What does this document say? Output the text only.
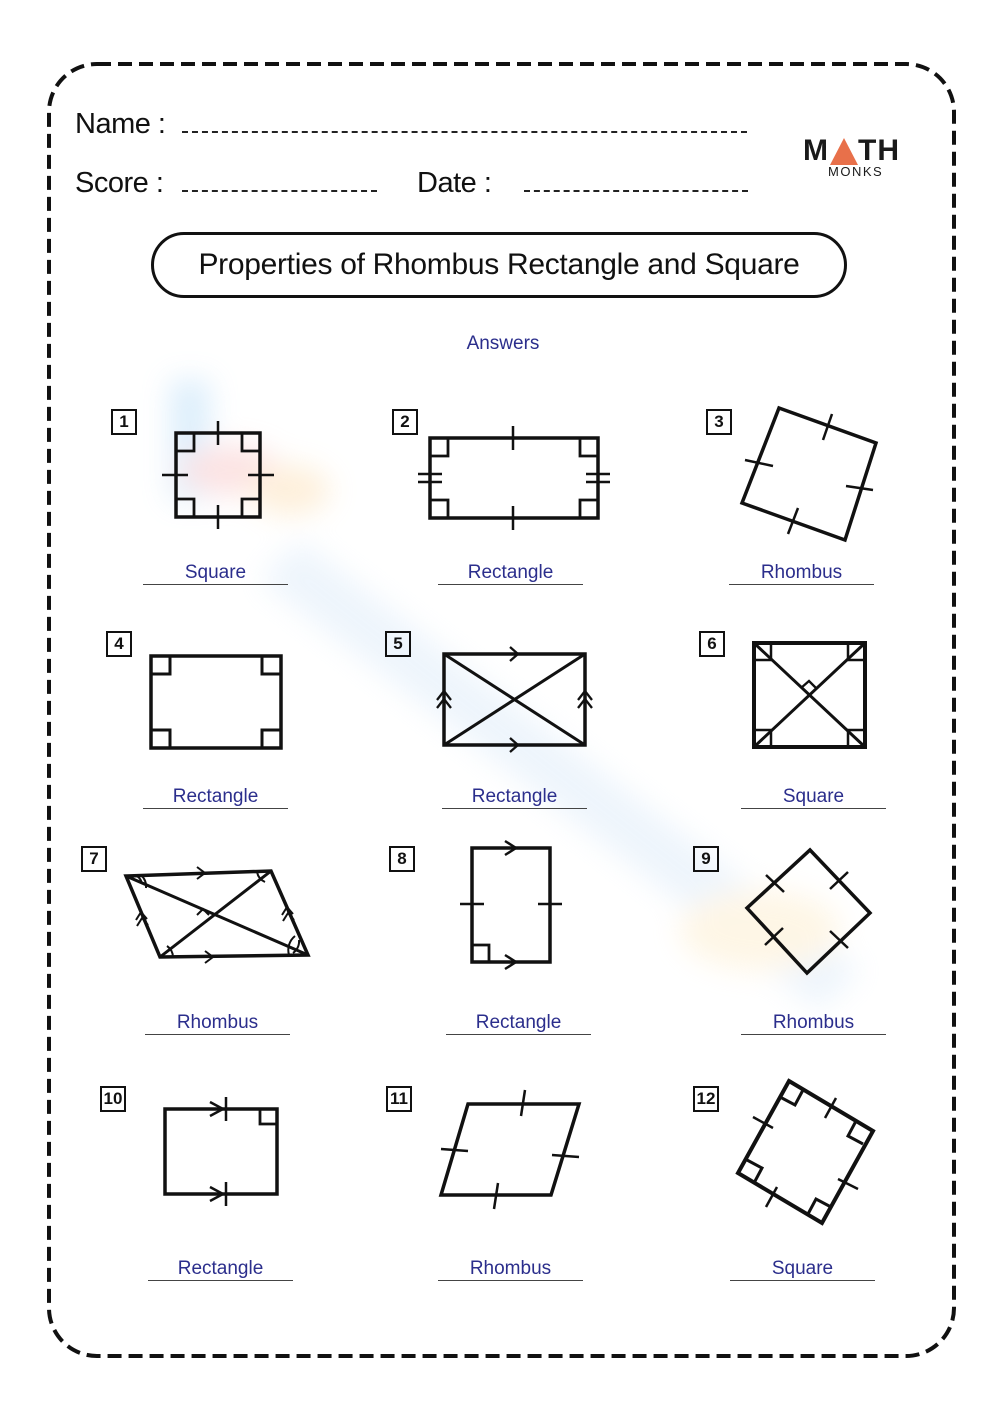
Name :
Score :	Date :
M TH
MONKS
Properties of Rhombus Rectangle and Square
Answers
1
Square
2
Rectangle
3
Rhombus
4
Rectangle
5
Rectangle
6
Square
7
Rhombus
8
Rectangle
9
Rhombus
10
Rectangle
11
Rhombus
12
Square
